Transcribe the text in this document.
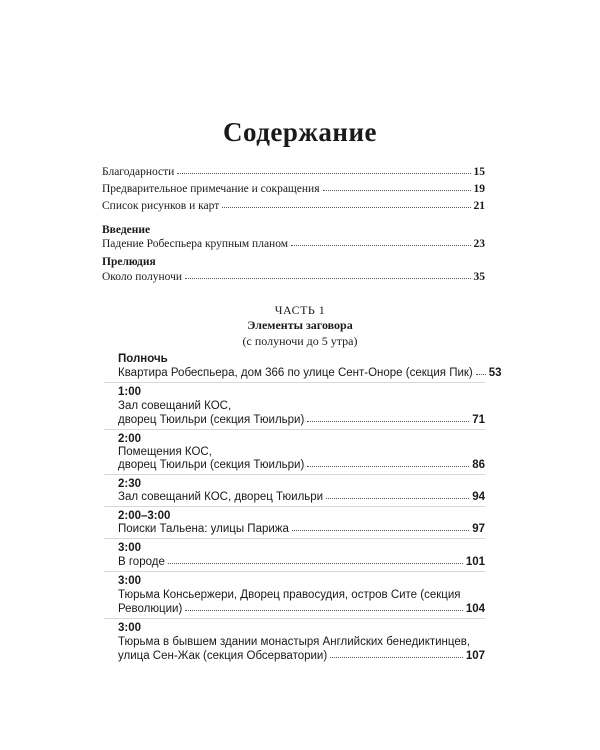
Содержание
Благодарности	15
Предварительное примечание и сокращения	19
Список рисунков и карт	21
Введение
Падение Робеспьера крупным планом	23
Прелюдия
Около полуночи	35
ЧАСТЬ 1
Элементы заговора
(с полуночи до 5 утра)
Полночь
Квартира Робеспьера, дом 366 по улице Сент-Оноре (секция Пик) 53
1:00
Зал совещаний КОС,
дворец Тюильри (секция Тюильри)	71
2:00
Помещения КОС,
дворец Тюильри (секция Тюильри)	86
2:30
Зал совещаний КОС, дворец Тюильри	94
2:00–3:00
Поиски Тальена: улицы Парижа	97
3:00
В городе	101
3:00
Тюрьма Консьержери, Дворец правосудия, остров Сите (секция
Революции)	104
3:00
Тюрьма в бывшем здании монастыря Английских бенедиктинцев,
улица Сен-Жак (секция Обсерватории)	107
